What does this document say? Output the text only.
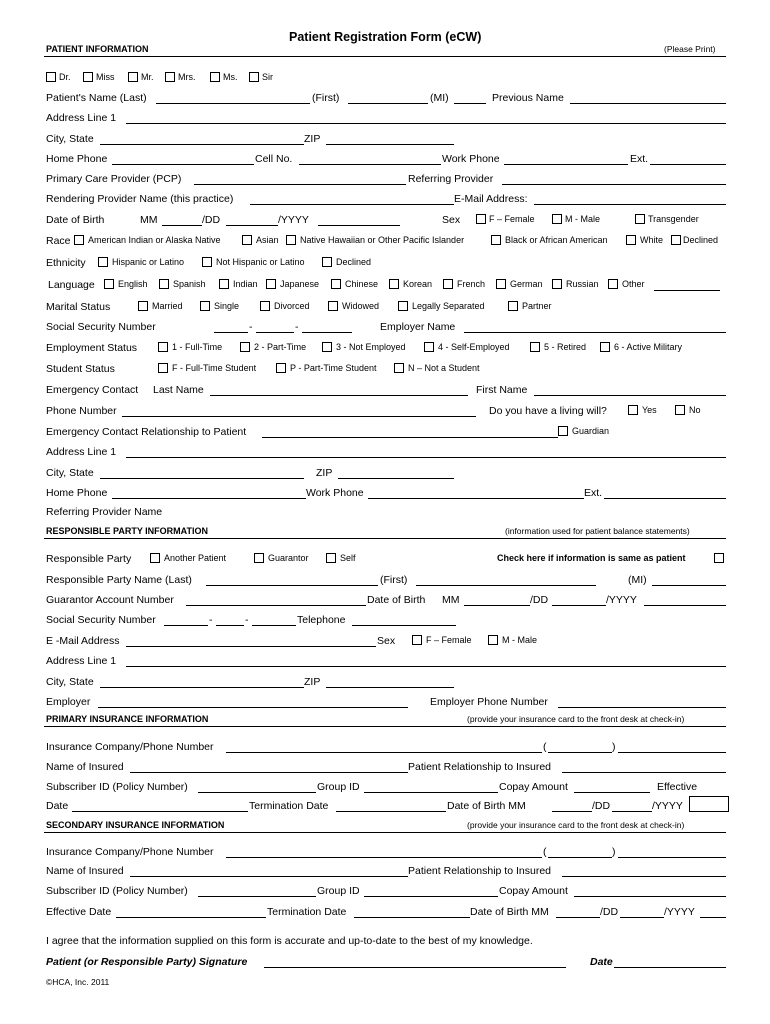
Patient Registration Form (eCW)
PATIENT INFORMATION	(Please Print)
Dr.	Miss	Mr.	Mrs.	Ms.	Sir
Patient's Name (Last)	(First)	(MI)	Previous Name
Address Line 1
City, State	ZIP
Home Phone	Cell No.	Work Phone	Ext.
Primary Care Provider (PCP)	Referring Provider
Rendering Provider Name (this practice)	E-Mail Address:
Date of Birth	MM	/DD	/YYYY	Sex	F – Female	M - Male	Transgender
Race American Indian or Alaska Native	Asian Native Hawaiian or Other Pacific Islander	Black or African American	White Declined
Ethnicity	Hispanic or Latino	Not Hispanic or Latino	Declined
Language	English	Spanish	Indian Japanese	Chinese	Korean	French	German	Russian	Other
Marital Status	Married	Single	Divorced	Widowed	Legally Separated	Partner
Social Security Number	-	-	Employer Name
Employment Status	1 - Full-Time	2 - Part-Time	3 - Not Employed	4 - Self-Employed	5 - Retired	6 - Active Military
Student Status	F - Full-Time Student	P - Part-Time Student	N – Not a Student
Emergency Contact Last Name	First Name
Phone Number	Do you have a living will?	Yes	No
Emergency Contact Relationship to Patient	Guardian
Address Line 1
City, State	ZIP
Home Phone	Work Phone	Ext.
Referring Provider Name
RESPONSIBLE PARTY INFORMATION	(information used for patient balance statements)
Responsible Party	Another Patient	Guarantor	Self	Check here if information is same as patient
Responsible Party Name (Last)	(First)	(MI)
Guarantor Account Number	Date of Birth MM	/DD	/YYYY
Social Security Number	-	-	Telephone
E -Mail Address	Sex	F – Female	M - Male
Address Line 1
City, State	ZIP
Employer	Employer Phone Number
PRIMARY INSURANCE INFORMATION	(provide your insurance card to the front desk at check-in)
Insurance Company/Phone Number	(	)
Name of Insured	Patient Relationship to Insured
Subscriber ID (Policy Number)	Group ID	Copay Amount	Effective
Date	Termination Date	Date of Birth MM	/DD	/YYYY
SECONDARY INSURANCE INFORMATION	(provide your insurance card to the front desk at check-in)
Insurance Company/Phone Number	(	)
Name of Insured	Patient Relationship to Insured
Subscriber ID (Policy Number)	Group ID	Copay Amount
Effective Date	Termination Date	Date of Birth MM	/DD	/YYYY
I agree that the information supplied on this form is accurate and up-to-date to the best of my knowledge.
Patient (or Responsible Party) Signature	Date
©HCA, Inc. 2011
